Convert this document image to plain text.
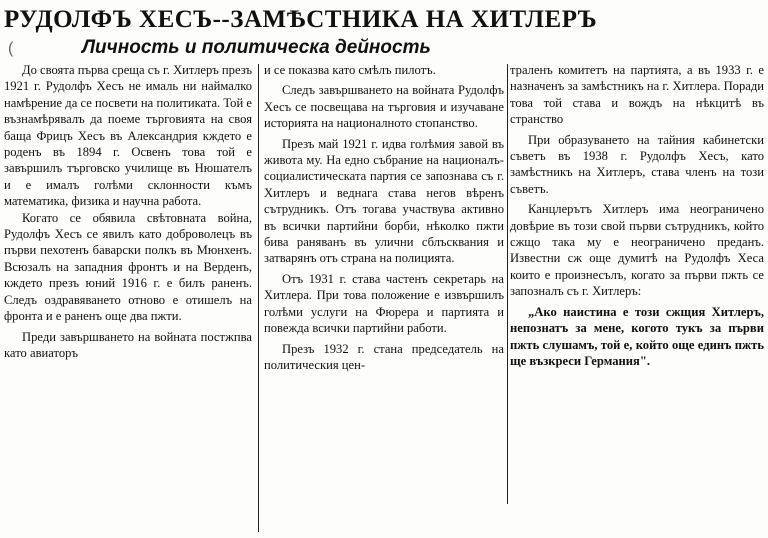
РУДОЛФЪ ХЕСЪ--ЗАМѢСТНИКА НА ХИТЛЕРЪ
(	Личность и политическа дейность

До своята първа среща съ г. Хитлеръ презъ 1921 г. Рудолфъ Хесъ не ималь ни наймалко намѣрение да се посвети на политиката. Той е възнамѣрявалъ да поеме търговията на своя баща Фрицъ Хесъ въ Александрия кждето е роденъ въ 1894 г. Освенъ това той е завършилъ търговско училище въ Нюшателъ и е ималъ голѣми склонности къмъ математика, физика и научна работа.

Когато се обявила свѣтовната война, Рудолфъ Хесъ се явилъ като доброволецъ въ първи пехотенъ баварски полкъ въ Мюнхенъ. Всюзалъ на западния фронтъ и на Верденъ, кждето презъ юний 1916 г. е билъ раненъ. Следъ оздравяването отново е отишелъ на фронта и е раненъ още два пжти.

Преди завършването на войната постжпва като авиаторъ

и се показва като смѣлъ пилотъ.

Следъ завършването на войната Рудолфъ Хесъ се посвещава на търговия и изучаване историята на националното стопанство.

Презъ май 1921 г. идва голѣмия завой въ живота му. На едно събрание на националъ-социалистическата партия се запознава съ г. Хитлеръ и веднага става негов вѣренъ сътрудникъ. Отъ тогава участвува активно въ всички партийни борби, нѣколко пжти бива раняванъ въ улични сблъсквания и затварянъ отъ страна на полицията.

Отъ 1931 г. става частенъ секретарь на Хитлера. При това положение е извършилъ голѣми услуги на Фюрера и партията и повежда всички партийни работи.

Презъ 1932 г. стана председатель на политическия цен-

траленъ комитетъ на партията, а въ 1933 г. е назначенъ за замѣстникъ на г. Хитлера. Поради това той става и вождъ на нѣкцитѣ въ странство

При образуването на тайния кабинетски съветъ въ 1938 г. Рудолфъ Хесъ, като замѣстникъ на Хитлеръ, става членъ на този съветъ.

Канцлерътъ Хитлеръ има неограничено довѣрие въ този свой първи сътрудникъ, който сжщо така му е неограничено преданъ. Известни сж още думитѣ на Рудолфъ Хеса които е произнесълъ, когато за първи пжть се запозналъ съ г. Хитлеръ:

„Ако наистина е този сжщия Хитлеръ, непознатъ за мене, когото тукъ за първи пжть слушамъ, той е, който още единъ пжть ще възкреси Германия".
